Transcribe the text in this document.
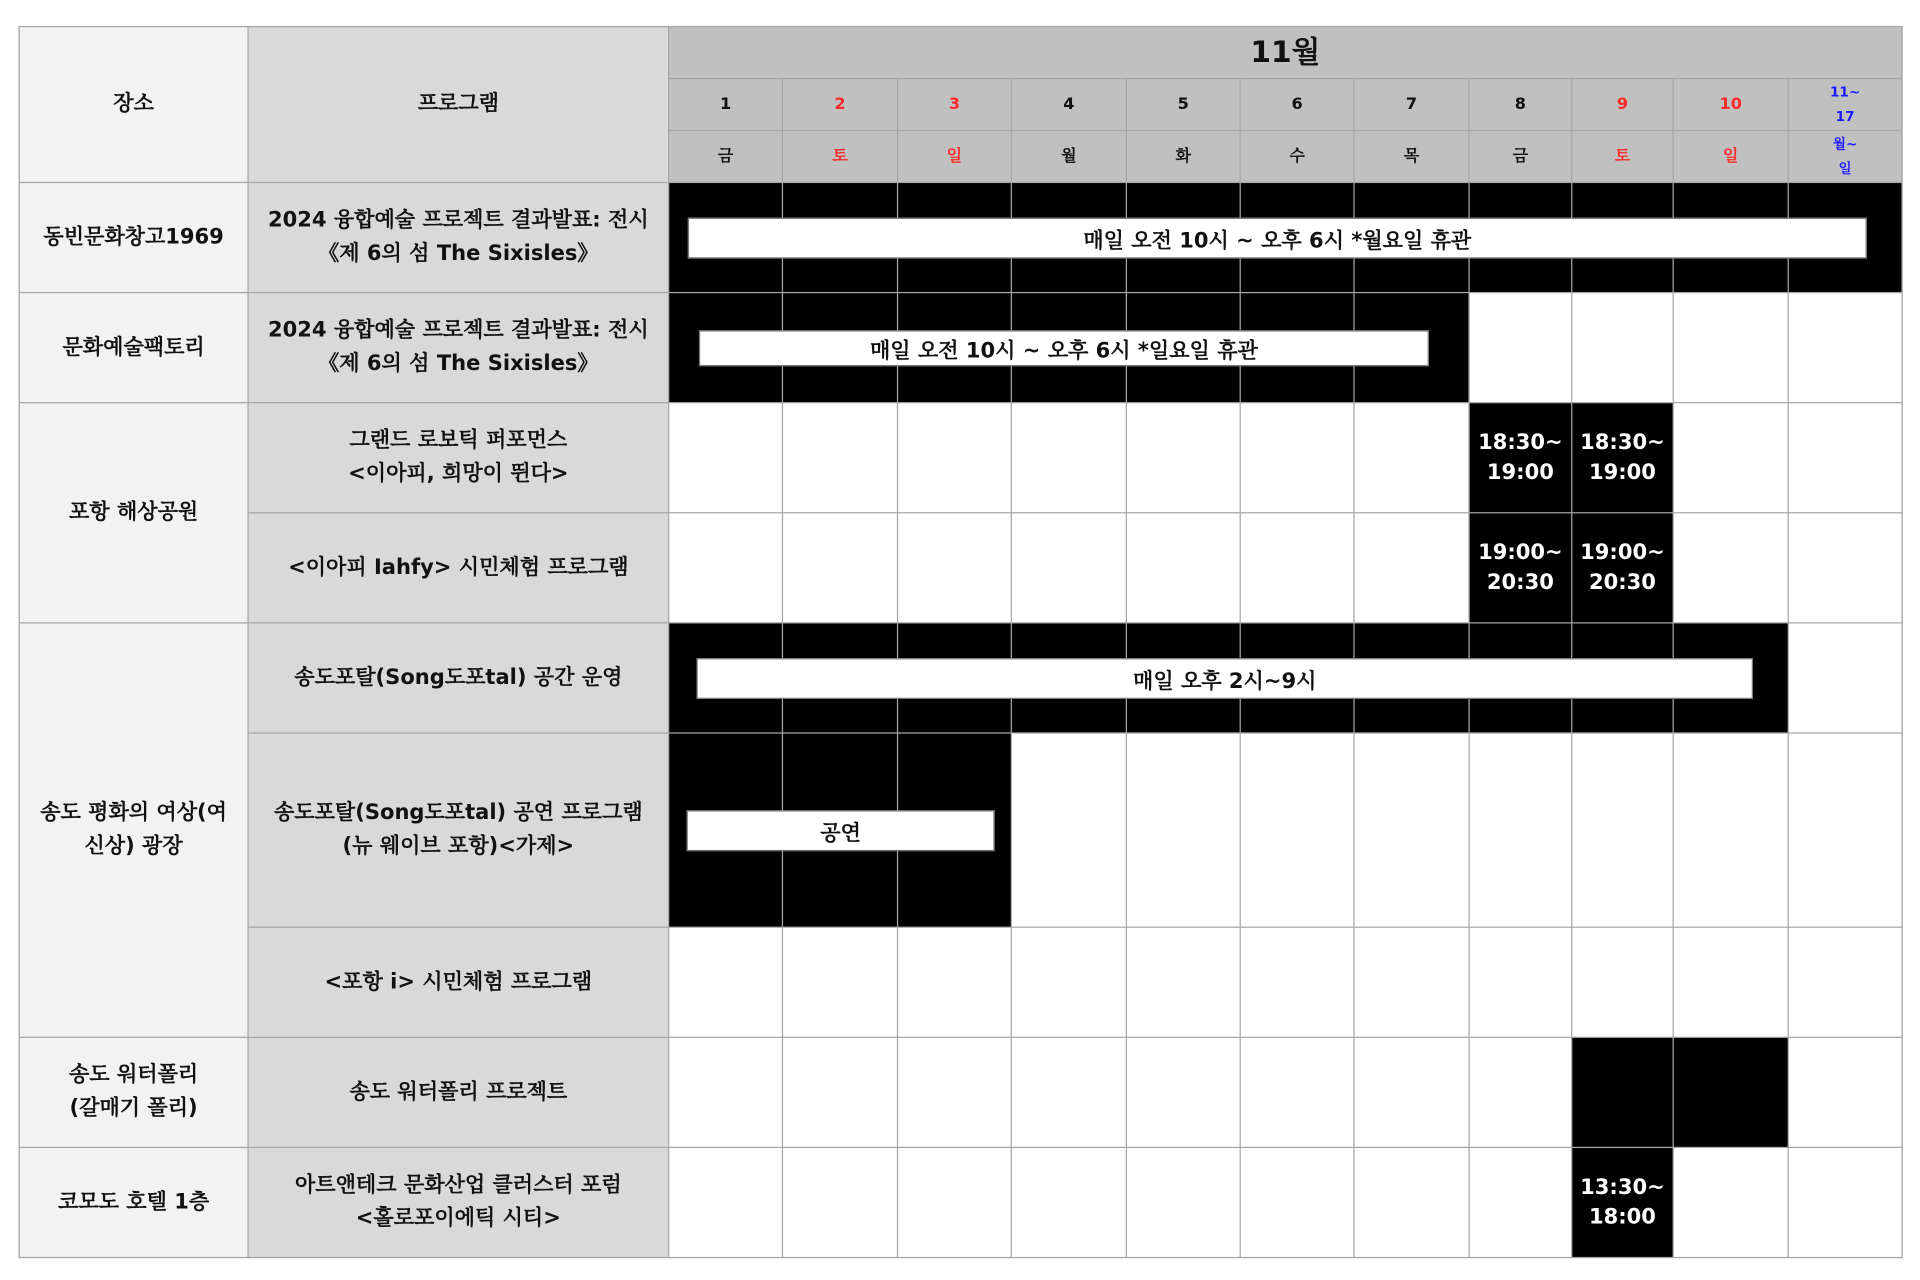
장소	프로그램
11월
동빈문화창고1969
문화예술팩토리
포항 해상공원
송도 평화의 여상(여
신상) 광장
송도 워터폴리
(갈매기 폴리)
코모도 호텔 1층
2024 융합예술 프로젝트 결과발표: 전시
《제 6의 섬 The Sixisles》
2024 융합예술 프로젝트 결과발표: 전시
《제 6의 섬 The Sixisles》
그랜드 로보틱 퍼포먼스
<이아피, 희망이 뛴다>
<이아피 Iahfy> 시민체험 프로그램
송도포탈(Song도포tal) 공간 운영
송도포탈(Song도포tal) 공연 프로그램
(뉴 웨이브 포항)<가제>
<포항 i> 시민체험 프로그램
송도 워터폴리 프로젝트
아트앤테크 문화산업 클러스터 포럼
<홀로포이에틱 시티>
18:30~
19:00
18:30~
19:00
19:00~
20:30
19:00~
20:30
13:30~
18:00
매일 오전 10시 ~ 오후 6시 *월요일 휴관
매일 오전 10시 ~ 오후 6시 *일요일 휴관
매일 오후 2시~9시
공연
1
금
2
토
3
일
4
월
5
화
6
수
7
목
8
금
9
토
10
일
11~
17
월~
일
